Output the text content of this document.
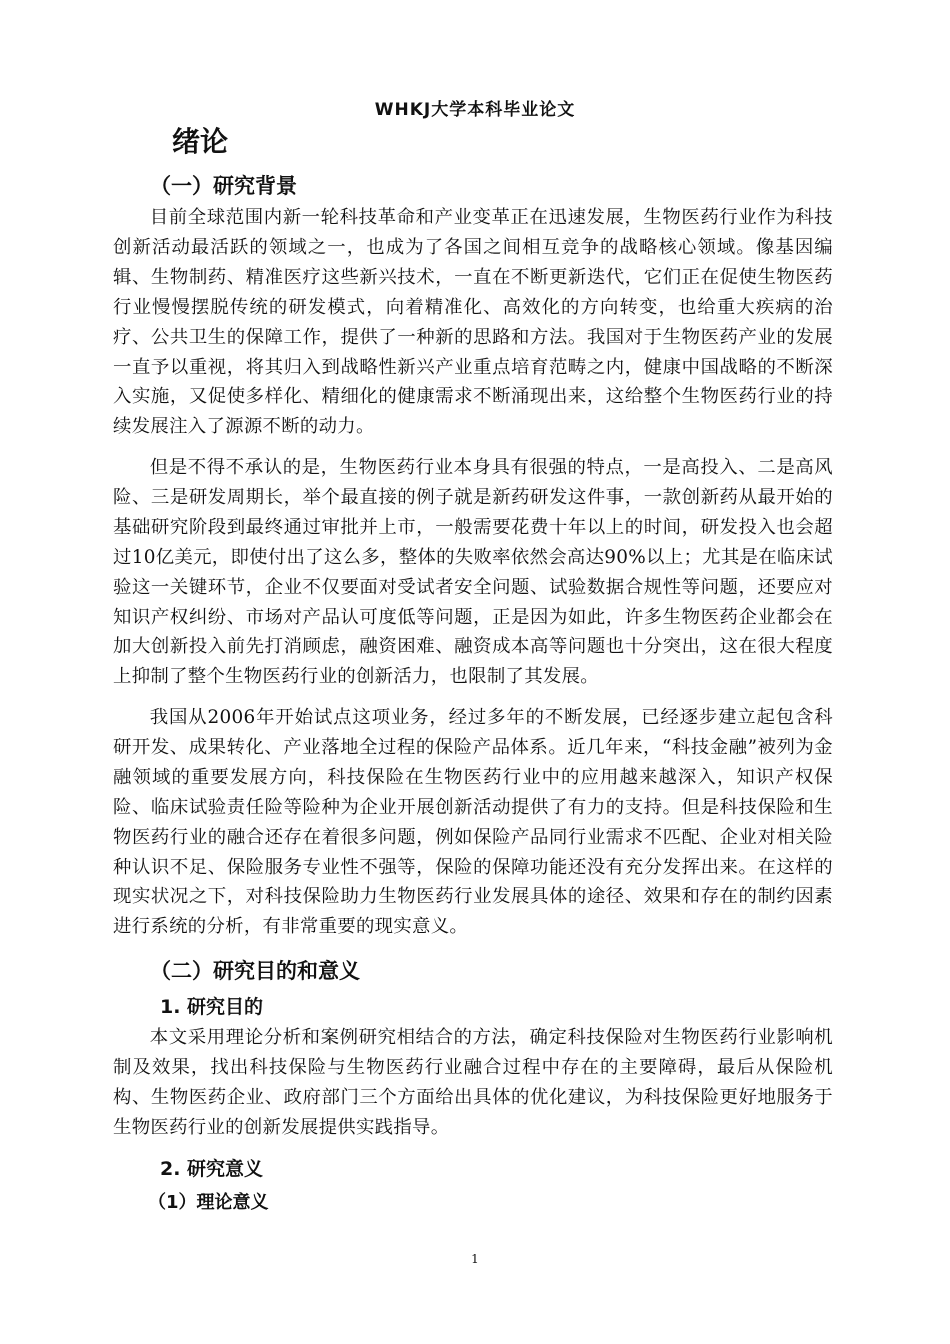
WHKJ大学本科毕业论文
绪论
（一）研究背景

目前全球范围内新一轮科技革命和产业变革正在迅速发展，生物医药行业作为科技创新活动最活跃的领域之一，也成为了各国之间相互竞争的战略核心领域。像基因编辑、生物制药、精准医疗这些新兴技术，一直在不断更新迭代，它们正在促使生物医药行业慢慢摆脱传统的研发模式，向着精准化、高效化的方向转变，也给重大疾病的治疗、公共卫生的保障工作，提供了一种新的思路和方法。我国对于生物医药产业的发展一直予以重视，将其归入到战略性新兴产业重点培育范畴之内，健康中国战略的不断深入实施，又促使多样化、精细化的健康需求不断涌现出来，这给整个生物医药行业的持续发展注入了源源不断的动力。

但是不得不承认的是，生物医药行业本身具有很强的特点，一是高投入、二是高风险、三是研发周期长，举个最直接的例子就是新药研发这件事，一款创新药从最开始的基础研究阶段到最终通过审批并上市，一般需要花费十年以上的时间，研发投入也会超过10亿美元，即使付出了这么多，整体的失败率依然会高达90%以上；尤其是在临床试验这一关键环节，企业不仅要面对受试者安全问题、试验数据合规性等问题，还要应对知识产权纠纷、市场对产品认可度低等问题，正是因为如此，许多生物医药企业都会在加大创新投入前先打消顾虑，融资困难、融资成本高等问题也十分突出，这在很大程度上抑制了整个生物医药行业的创新活力，也限制了其发展。

我国从2006年开始试点这项业务，经过多年的不断发展，已经逐步建立起包含科研开发、成果转化、产业落地全过程的保险产品体系。近几年来，“科技金融”被列为金融领域的重要发展方向，科技保险在生物医药行业中的应用越来越深入，知识产权保险、临床试验责任险等险种为企业开展创新活动提供了有力的支持。但是科技保险和生物医药行业的融合还存在着很多问题，例如保险产品同行业需求不匹配、企业对相关险种认识不足、保险服务专业性不强等，保险的保障功能还没有充分发挥出来。在这样的现实状况之下，对科技保险助力生物医药行业发展具体的途径、效果和存在的制约因素进行系统的分析，有非常重要的现实意义。

（二）研究目的和意义
1. 研究目的

本文采用理论分析和案例研究相结合的方法，确定科技保险对生物医药行业影响机制及效果，找出科技保险与生物医药行业融合过程中存在的主要障碍，最后从保险机构、生物医药企业、政府部门三个方面给出具体的优化建议，为科技保险更好地服务于生物医药行业的创新发展提供实践指导。

2. 研究意义
（1）理论意义
1
